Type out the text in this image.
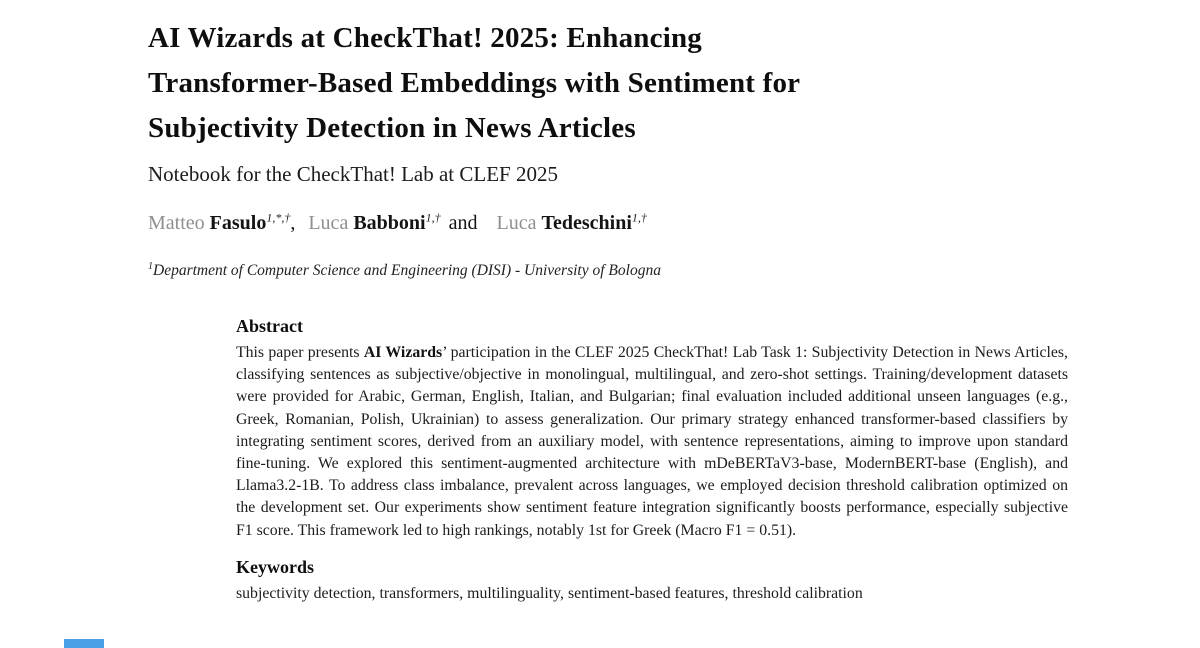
AI Wizards at CheckThat! 2025: Enhancing
Transformer-Based Embeddings with Sentiment for
Subjectivity Detection in News Articles
Notebook for the CheckThat! Lab at CLEF 2025
Matteo Fasulo$^{1,*,\dagger}$, Luca Babboni$^{1,\dagger}$ and Luca Tedeschini$^{1,\dagger}$
$^1$Department of Computer Science and Engineering (DISI) - University of Bologna
Abstract

This paper presents AI Wizards’ participation in the CLEF 2025 CheckThat! Lab Task 1: Subjectivity Detection in News Articles, classifying sentences as subjective/objective in monolingual, multilingual, and zero-shot settings. Training/development datasets were provided for Arabic, German, English, Italian, and Bulgarian; final evaluation included additional unseen languages (e.g., Greek, Romanian, Polish, Ukrainian) to assess generalization. Our primary strategy enhanced transformer-based classifiers by integrating sentiment scores, derived from an auxiliary model, with sentence representations, aiming to improve upon standard fine-tuning. We explored this sentiment-augmented architecture with mDeBERTaV3-base, ModernBERT-base (English), and Llama3.2-1B. To address class imbalance, prevalent across languages, we employed decision threshold calibration optimized on the development set. Our experiments show sentiment feature integration significantly boosts performance, especially subjective F1 score. This framework led to high rankings, notably 1st for Greek (Macro F1 = 0.51).

Keywords

subjectivity detection, transformers, multilinguality, sentiment-based features, threshold calibration
